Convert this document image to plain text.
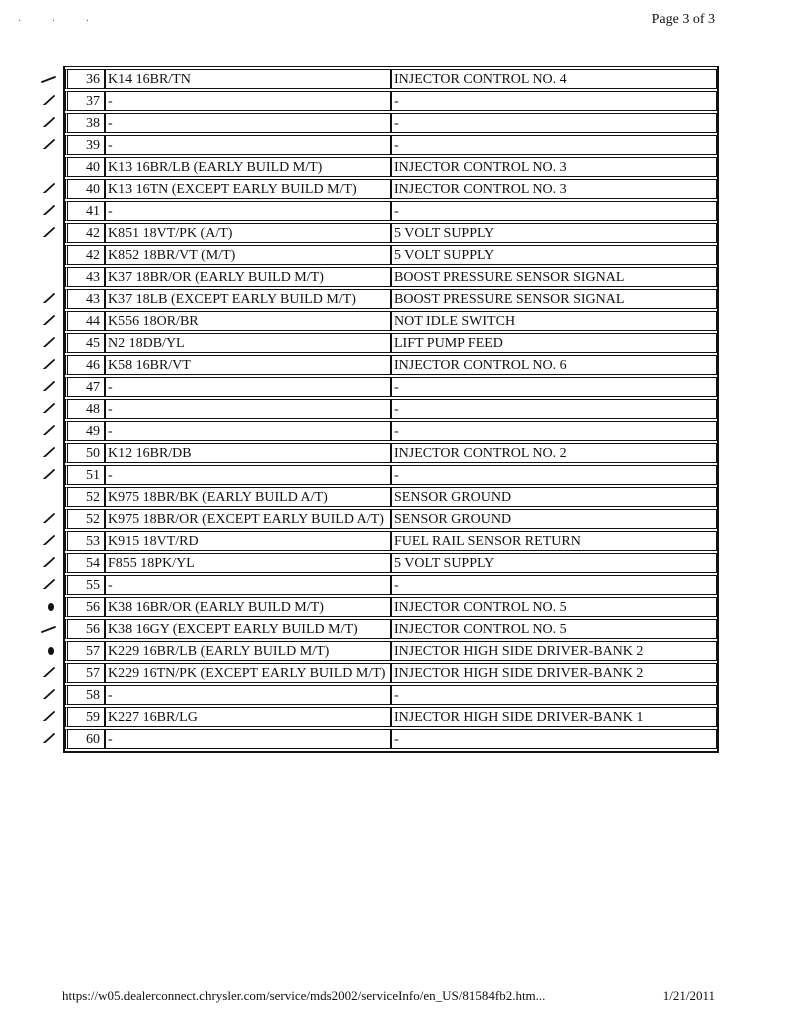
· · ·	Page 3 of 3
36	K14 16BR/TN	INJECTOR CONTROL NO. 4

37	-	-

38	-	-

39	-	-
40	K13 16BR/LB (EARLY BUILD M/T)	INJECTOR CONTROL NO. 3

40	K13 16TN (EXCEPT EARLY BUILD M/T)	INJECTOR CONTROL NO. 3

41	-	-

42	K851 18VT/PK (A/T)	5 VOLT SUPPLY
42	K852 18BR/VT (M/T)	5 VOLT SUPPLY
43	K37 18BR/OR (EARLY BUILD M/T)	BOOST PRESSURE SENSOR SIGNAL

43	K37 18LB (EXCEPT EARLY BUILD M/T)	BOOST PRESSURE SENSOR SIGNAL

44	K556 18OR/BR	NOT IDLE SWITCH

45	N2 18DB/YL	LIFT PUMP FEED

46	K58 16BR/VT	INJECTOR CONTROL NO. 6

47	-	-

48	-	-

49	-	-

50	K12 16BR/DB	INJECTOR CONTROL NO. 2

51	-	-
52	K975 18BR/BK (EARLY BUILD A/T)	SENSOR GROUND

52	K975 18BR/OR (EXCEPT EARLY BUILD A/T)	SENSOR GROUND

53	K915 18VT/RD	FUEL RAIL SENSOR RETURN

54	F855 18PK/YL	5 VOLT SUPPLY

55	-	-

56	K38 16BR/OR (EARLY BUILD M/T)	INJECTOR CONTROL NO. 5

56	K38 16GY (EXCEPT EARLY BUILD M/T)	INJECTOR CONTROL NO. 5

57	K229 16BR/LB (EARLY BUILD M/T)	INJECTOR HIGH SIDE DRIVER-BANK 2

57	K229 16TN/PK (EXCEPT EARLY BUILD M/T)	INJECTOR HIGH SIDE DRIVER-BANK 2

58	-	-

59	K227 16BR/LG	INJECTOR HIGH SIDE DRIVER-BANK 1

60	-	-
https://w05.dealerconnect.chrysler.com/service/mds2002/serviceInfo/en_US/81584fb2.htm...	1/21/2011
